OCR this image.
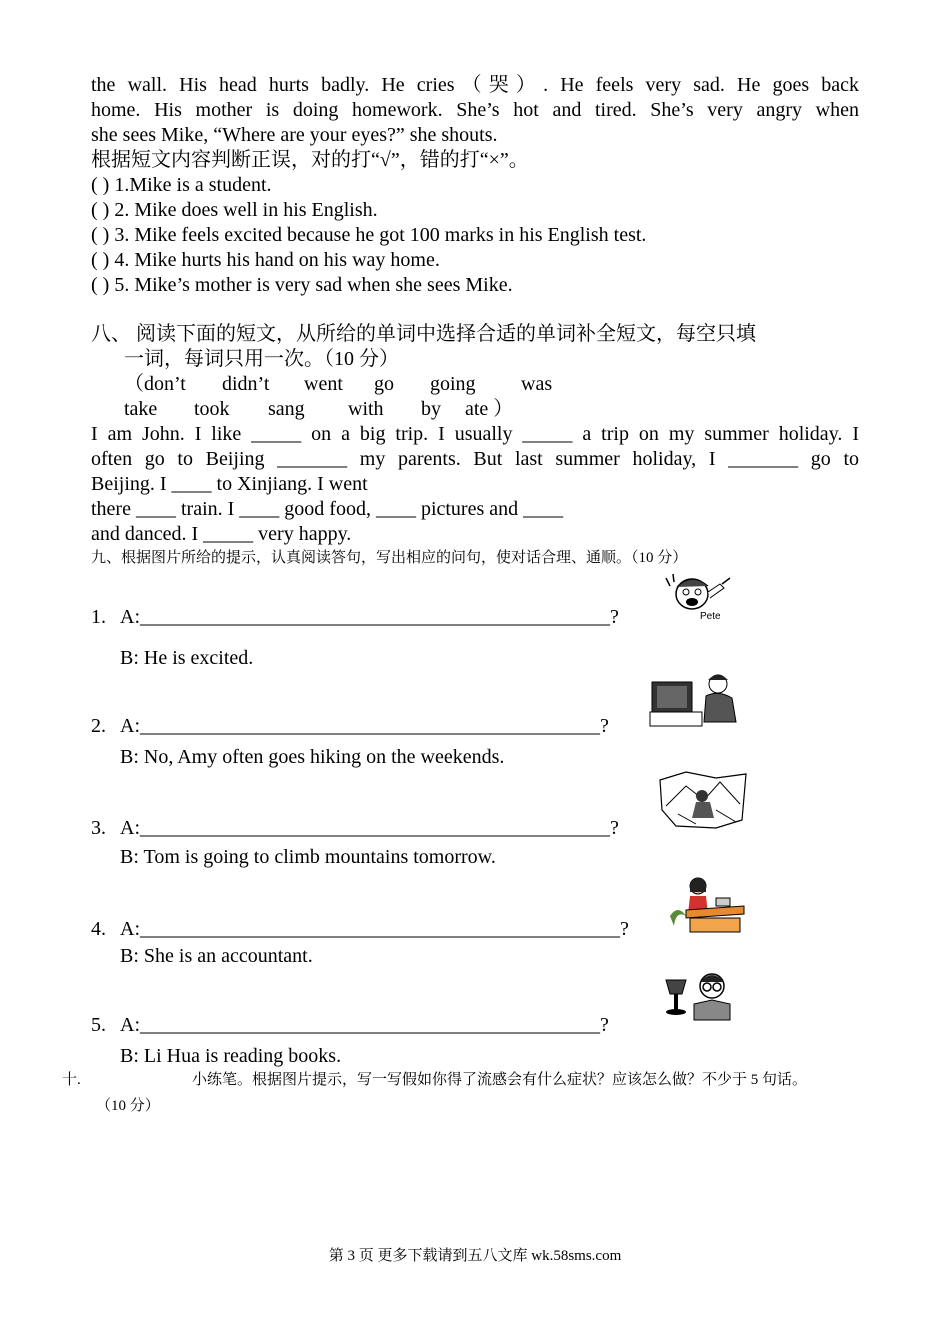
the wall. His head hurts badly. He cries（哭）. He feels very sad. He goes back
home. His mother is doing homework. She’s hot and tired. She’s very angry when
she sees Mike, “Where are your eyes?” she shouts.
根据短文内容判断正误，对的打“√”，错的打“×”。
( ) 1.Mike is a student.
( ) 2. Mike does well in his English.
( ) 3. Mike feels excited because he got 100 marks in his English test.
( ) 4. Mike hurts his hand on his way home.
( ) 5. Mike’s mother is very sad when she sees Mike.
八、 阅读下面的短文，从所给的单词中选择合适的单词补全短文，每空只填
一词，每词只用一次。（10 分）
（don’t didn’t went go going was
take took sang with by ate ）
I am John. I like _____ on a big trip. I usually _____ a trip on my summer holiday. I
often go to Beijing _______ my parents. But last summer holiday, I _______ go to
Beijing. I ____ to Xinjiang. I went
there ____ train. I ____ good food, ____ pictures and ____
and danced. I _____ very happy.
九、根据图片所给的提示，认真阅读答句，写出相应的问句，使对话合理、通顺。（10 分）
1. A:_______________________________________________?
B: He is excited.
Pete
2. A:______________________________________________?
B: No, Amy often goes hiking on the weekends.
3. A:_______________________________________________?
B: Tom is going to climb mountains tomorrow.
4. A:________________________________________________?
B: She is an accountant.
5. A:______________________________________________?
B: Li Hua is reading books.
十.	小练笔。根据图片提示，写一写假如你得了流感会有什么症状？应该怎么做？不少于 5 句话。
（10 分）
第 3 页 更多下载请到五八文库 wk.58sms.com
